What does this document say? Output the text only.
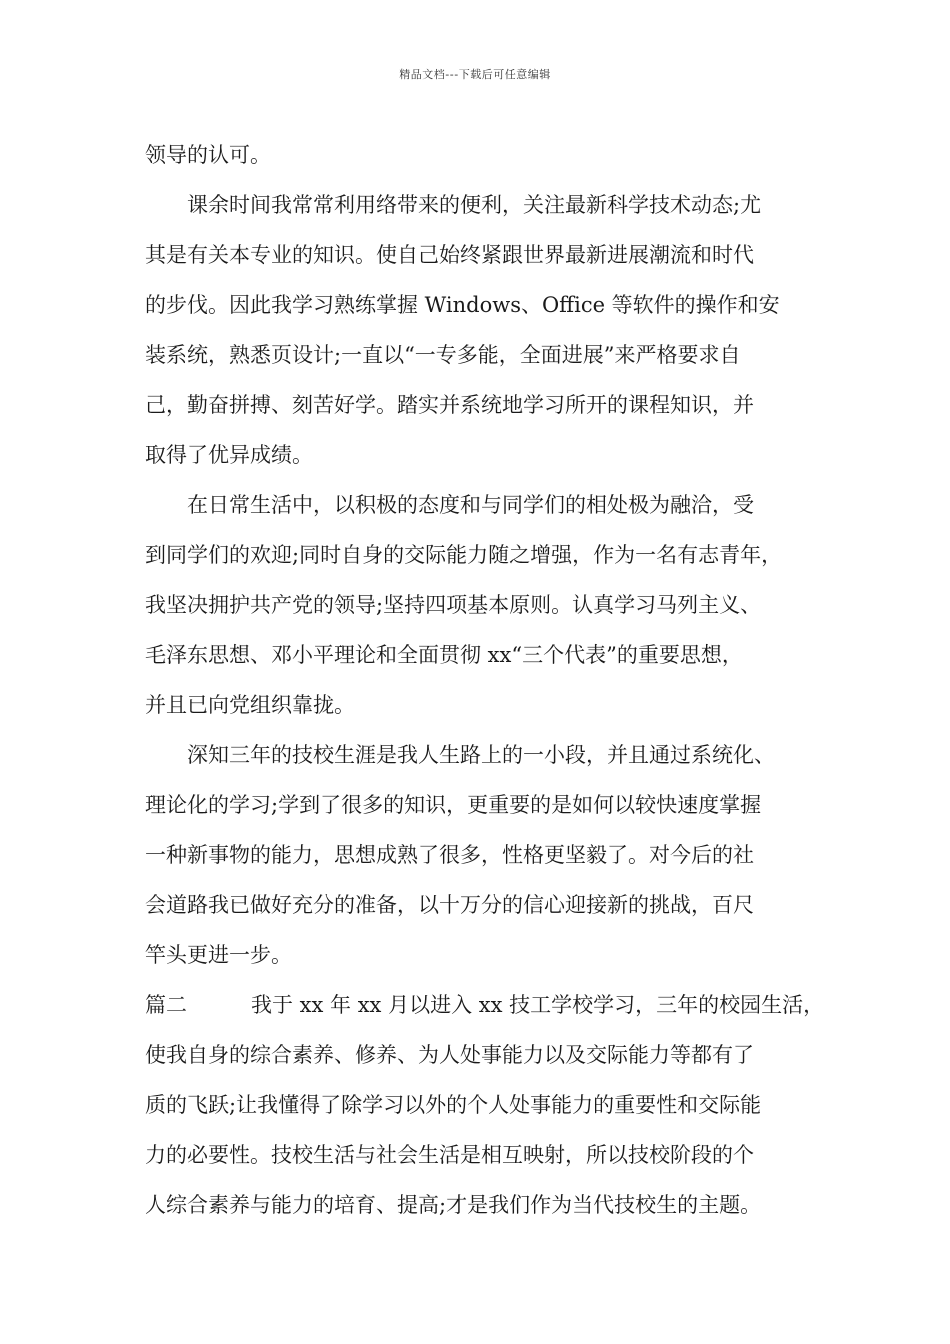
精品文档---下载后可任意编辑
领导的认可。
课余时间我常常利用络带来的便利，关注最新科学技术动态;尤
其是有关本专业的知识。使自己始终紧跟世界最新进展潮流和时代
的步伐。因此我学习熟练掌握 Windows、Office 等软件的操作和安
装系统，熟悉页设计;一直以“一专多能，全面进展”来严格要求自
己，勤奋拼搏、刻苦好学。踏实并系统地学习所开的课程知识，并
取得了优异成绩。
在日常生活中，以积极的态度和与同学们的相处极为融洽，受
到同学们的欢迎;同时自身的交际能力随之增强，作为一名有志青年，
我坚决拥护共产党的领导;坚持四项基本原则。认真学习马列主义、
毛泽东思想、邓小平理论和全面贯彻 xx“三个代表”的重要思想，
并且已向党组织靠拢。
深知三年的技校生涯是我人生路上的一小段，并且通过系统化、
理论化的学习;学到了很多的知识，更重要的是如何以较快速度掌握
一种新事物的能力，思想成熟了很多，性格更坚毅了。对今后的社
会道路我已做好充分的准备，以十万分的信心迎接新的挑战，百尺
竿头更进一步。
篇二	我于 xx 年 xx 月以进入 xx 技工学校学习，三年的校园生活，
使我自身的综合素养、修养、为人处事能力以及交际能力等都有了
质的飞跃;让我懂得了除学习以外的个人处事能力的重要性和交际能
力的必要性。技校生活与社会生活是相互映射，所以技校阶段的个
人综合素养与能力的培育、提高;才是我们作为当代技校生的主题。
